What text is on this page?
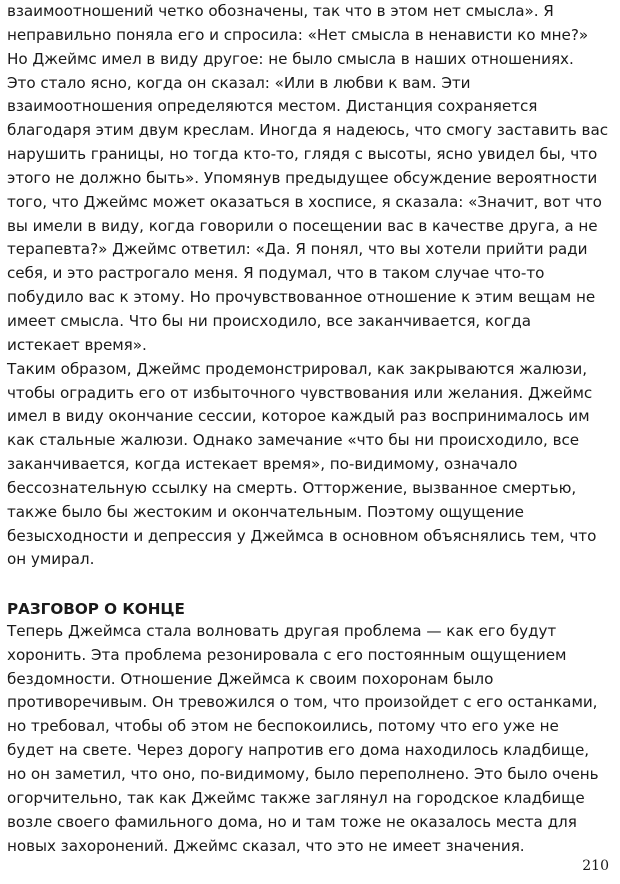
взаимоотношений четко обозначены, так что в этом нет смысла». Я
неправильно поняла его и спросила: «Нет смысла в ненависти ко мне?»
Но Джеймс имел в виду другое: не было смысла в наших отношениях.
Это стало ясно, когда он сказал: «Или в любви к вам. Эти
взаимоотношения определяются местом. Дистанция сохраняется
благодаря этим двум креслам. Иногда я надеюсь, что смогу заставить вас
нарушить границы, но тогда кто-то, глядя с высоты, ясно увидел бы, что
этого не должно быть». Упомянув предыдущее обсуждение вероятности
того, что Джеймс может оказаться в хосписе, я сказала: «Значит, вот что
вы имели в виду, когда говорили о посещении вас в качестве друга, а не
терапевта?» Джеймс ответил: «Да. Я понял, что вы хотели прийти ради
себя, и это растрогало меня. Я подумал, что в таком случае что-то
побудило вас к этому. Но прочувствованное отношение к этим вещам не
имеет смысла. Что бы ни происходило, все заканчивается, когда
истекает время».
Таким образом, Джеймс продемонстрировал, как закрываются жалюзи,
чтобы оградить его от избыточного чувствования или желания. Джеймс
имел в виду окончание сессии, которое каждый раз воспринималось им
как стальные жалюзи. Однако замечание «что бы ни происходило, все
заканчивается, когда истекает время», по-видимому, означало
бессознательную ссылку на смерть. Отторжение, вызванное смертью,
также было бы жестоким и окончательным. Поэтому ощущение
безысходности и депрессия у Джеймса в основном объяснялись тем, что
он умирал.
РАЗГОВОР О КОНЦЕ
Теперь Джеймса стала волновать другая проблема — как его будут
хоронить. Эта проблема резонировала с его постоянным ощущением
бездомности. Отношение Джеймса к своим похоронам было
противоречивым. Он тревожился о том, что произойдет с его останками,
но требовал, чтобы об этом не беспокоились, потому что его уже не
будет на свете. Через дорогу напротив его дома находилось кладбище,
но он заметил, что оно, по-видимому, было переполнено. Это было очень
огорчительно, так как Джеймс также заглянул на городское кладбище
возле своего фамильного дома, но и там тоже не оказалось места для
новых захоронений. Джеймс сказал, что это не имеет значения.
210
